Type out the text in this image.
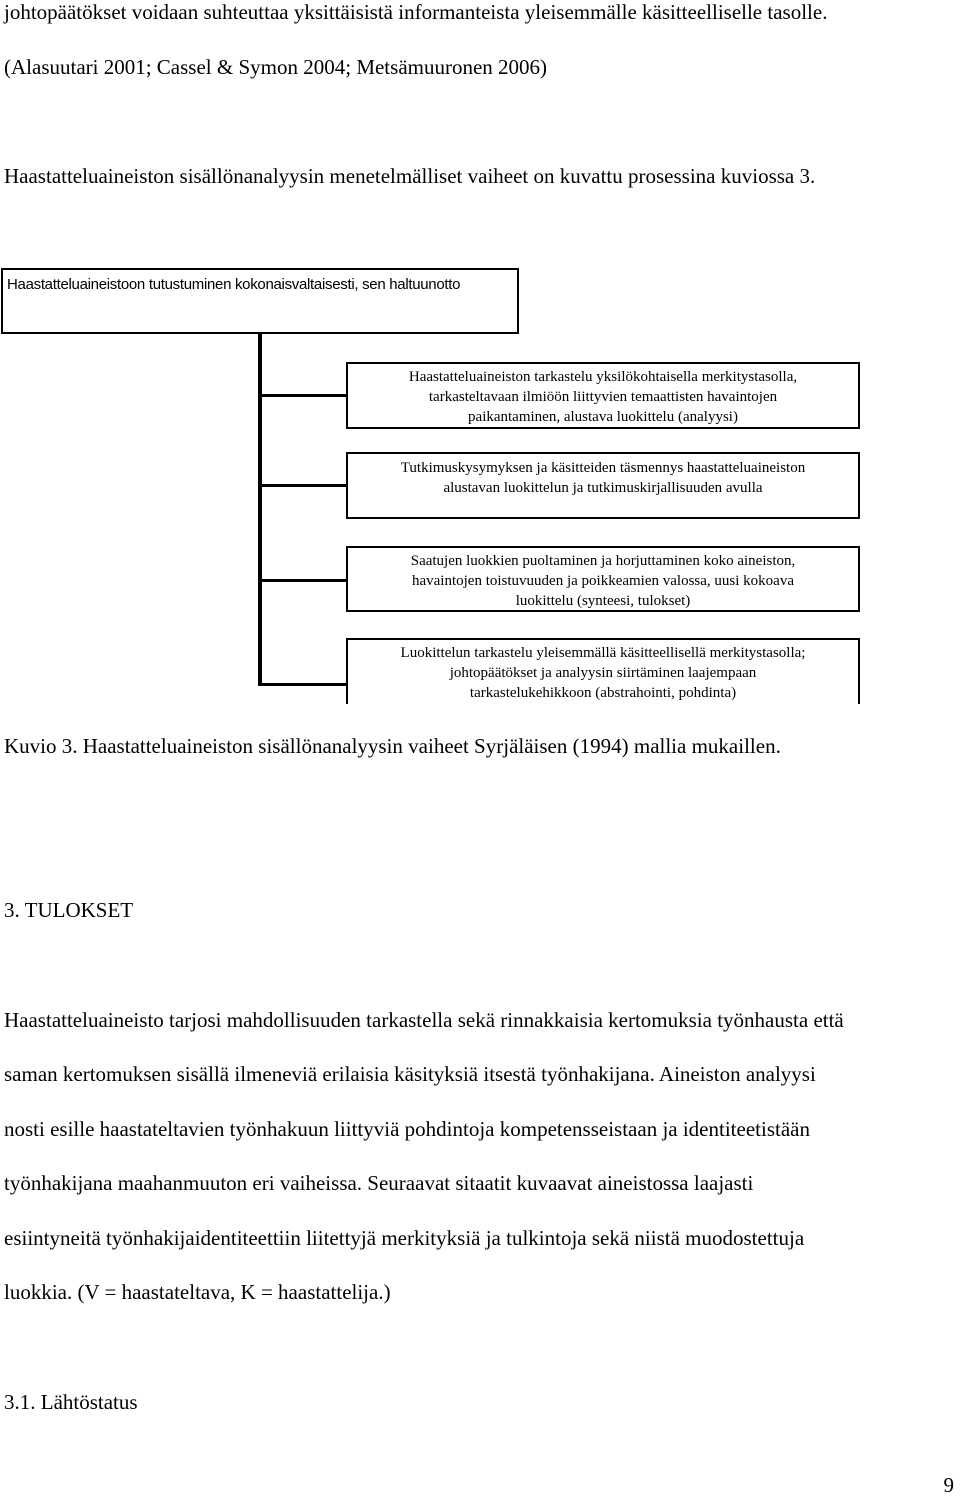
johtopäätökset voidaan suhteuttaa yksittäisistä informanteista yleisemmälle käsitteelliselle tasolle.
(Alasuutari 2001; Cassel & Symon 2004; Metsämuuronen 2006)
Haastatteluaineiston sisällönanalyysin menetelmälliset vaiheet on kuvattu prosessina kuviossa 3.
Haastatteluaineistoon tutustuminen kokonaisvaltaisesti, sen haltuunotto
Haastatteluaineiston tarkastelu yksilökohtaisella merkitystasolla,
tarkasteltavaan ilmiöön liittyvien temaattisten havaintojen
paikantaminen, alustava luokittelu (analyysi)
Tutkimuskysymyksen ja käsitteiden täsmennys haastatteluaineiston
alustavan luokittelun ja tutkimuskirjallisuuden avulla
Saatujen luokkien puoltaminen ja horjuttaminen koko aineiston,
havaintojen toistuvuuden ja poikkeamien valossa, uusi kokoava
luokittelu (synteesi, tulokset)
Luokittelun tarkastelu yleisemmällä käsitteellisellä merkitystasolla;
johtopäätökset ja analyysin siirtäminen laajempaan
tarkastelukehikkoon (abstrahointi, pohdinta)
Kuvio 3. Haastatteluaineiston sisällönanalyysin vaiheet Syrjäläisen (1994) mallia mukaillen.
3. TULOKSET
Haastatteluaineisto tarjosi mahdollisuuden tarkastella sekä rinnakkaisia kertomuksia työnhausta että
saman kertomuksen sisällä ilmeneviä erilaisia käsityksiä itsestä työnhakijana. Aineiston analyysi
nosti esille haastateltavien työnhakuun liittyviä pohdintoja kompetensseistaan ja identiteetistään
työnhakijana maahanmuuton eri vaiheissa. Seuraavat sitaatit kuvaavat aineistossa laajasti
esiintyneitä työnhakijaidentiteettiin liitettyjä merkityksiä ja tulkintoja sekä niistä muodostettuja
luokkia. (V = haastateltava, K = haastattelija.)
3.1. Lähtöstatus
9
